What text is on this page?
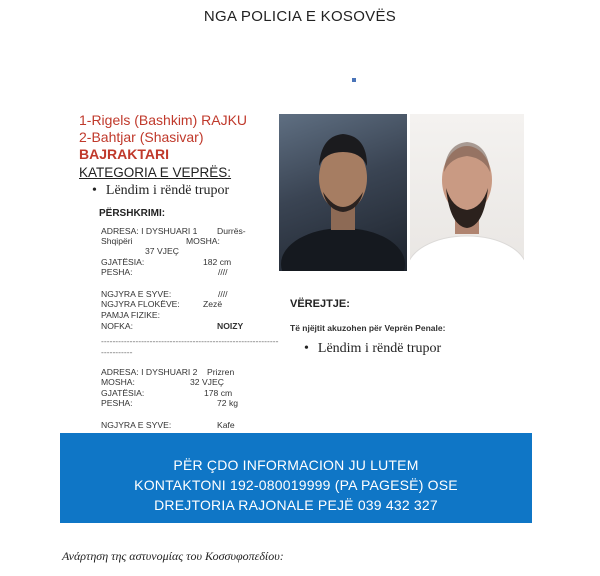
NGA POLICIA E KOSOVËS
1-Rigels (Bashkim) RAJKU
2-Bahtjar (Shasivar)
BAJRAKTARI
KATEGORIA E VEPRËS:
• Lëndim i rëndë trupor
PËRSHKRIMI:
ADRESA: I DYSHUARI 1 Durrës-
Shqipëri	MOSHA:
37 VJEÇ
GJATËSIA:	182 cm
PESHA:	////
NGJYRA E SYVE:	////
NGJYRA FLOKËVE:	Zezë
PAMJA FIZIKE:
NOFKA:	NOIZY
--------------------------------------------------------------
-----------
ADRESA: I DYSHUARI 2 Prizren
MOSHA:	32 VJEÇ
GJATËSIA:	178 cm
PESHA:	72 kg
NGJYRA E SYVE:	Kafe
VËREJTJE:
Të njëjtit akuzohen për Veprën Penale:
• Lëndim i rëndë trupor
PËR ÇDO INFORMACION JU LUTEM
KONTAKTONI 192-080019999 (PA PAGESË) OSE
DREJTORIA RAJONALE PEJË 039 432 327
Ανάρτηση της αστυνομίας του Κοσσυφοπεδίου:
